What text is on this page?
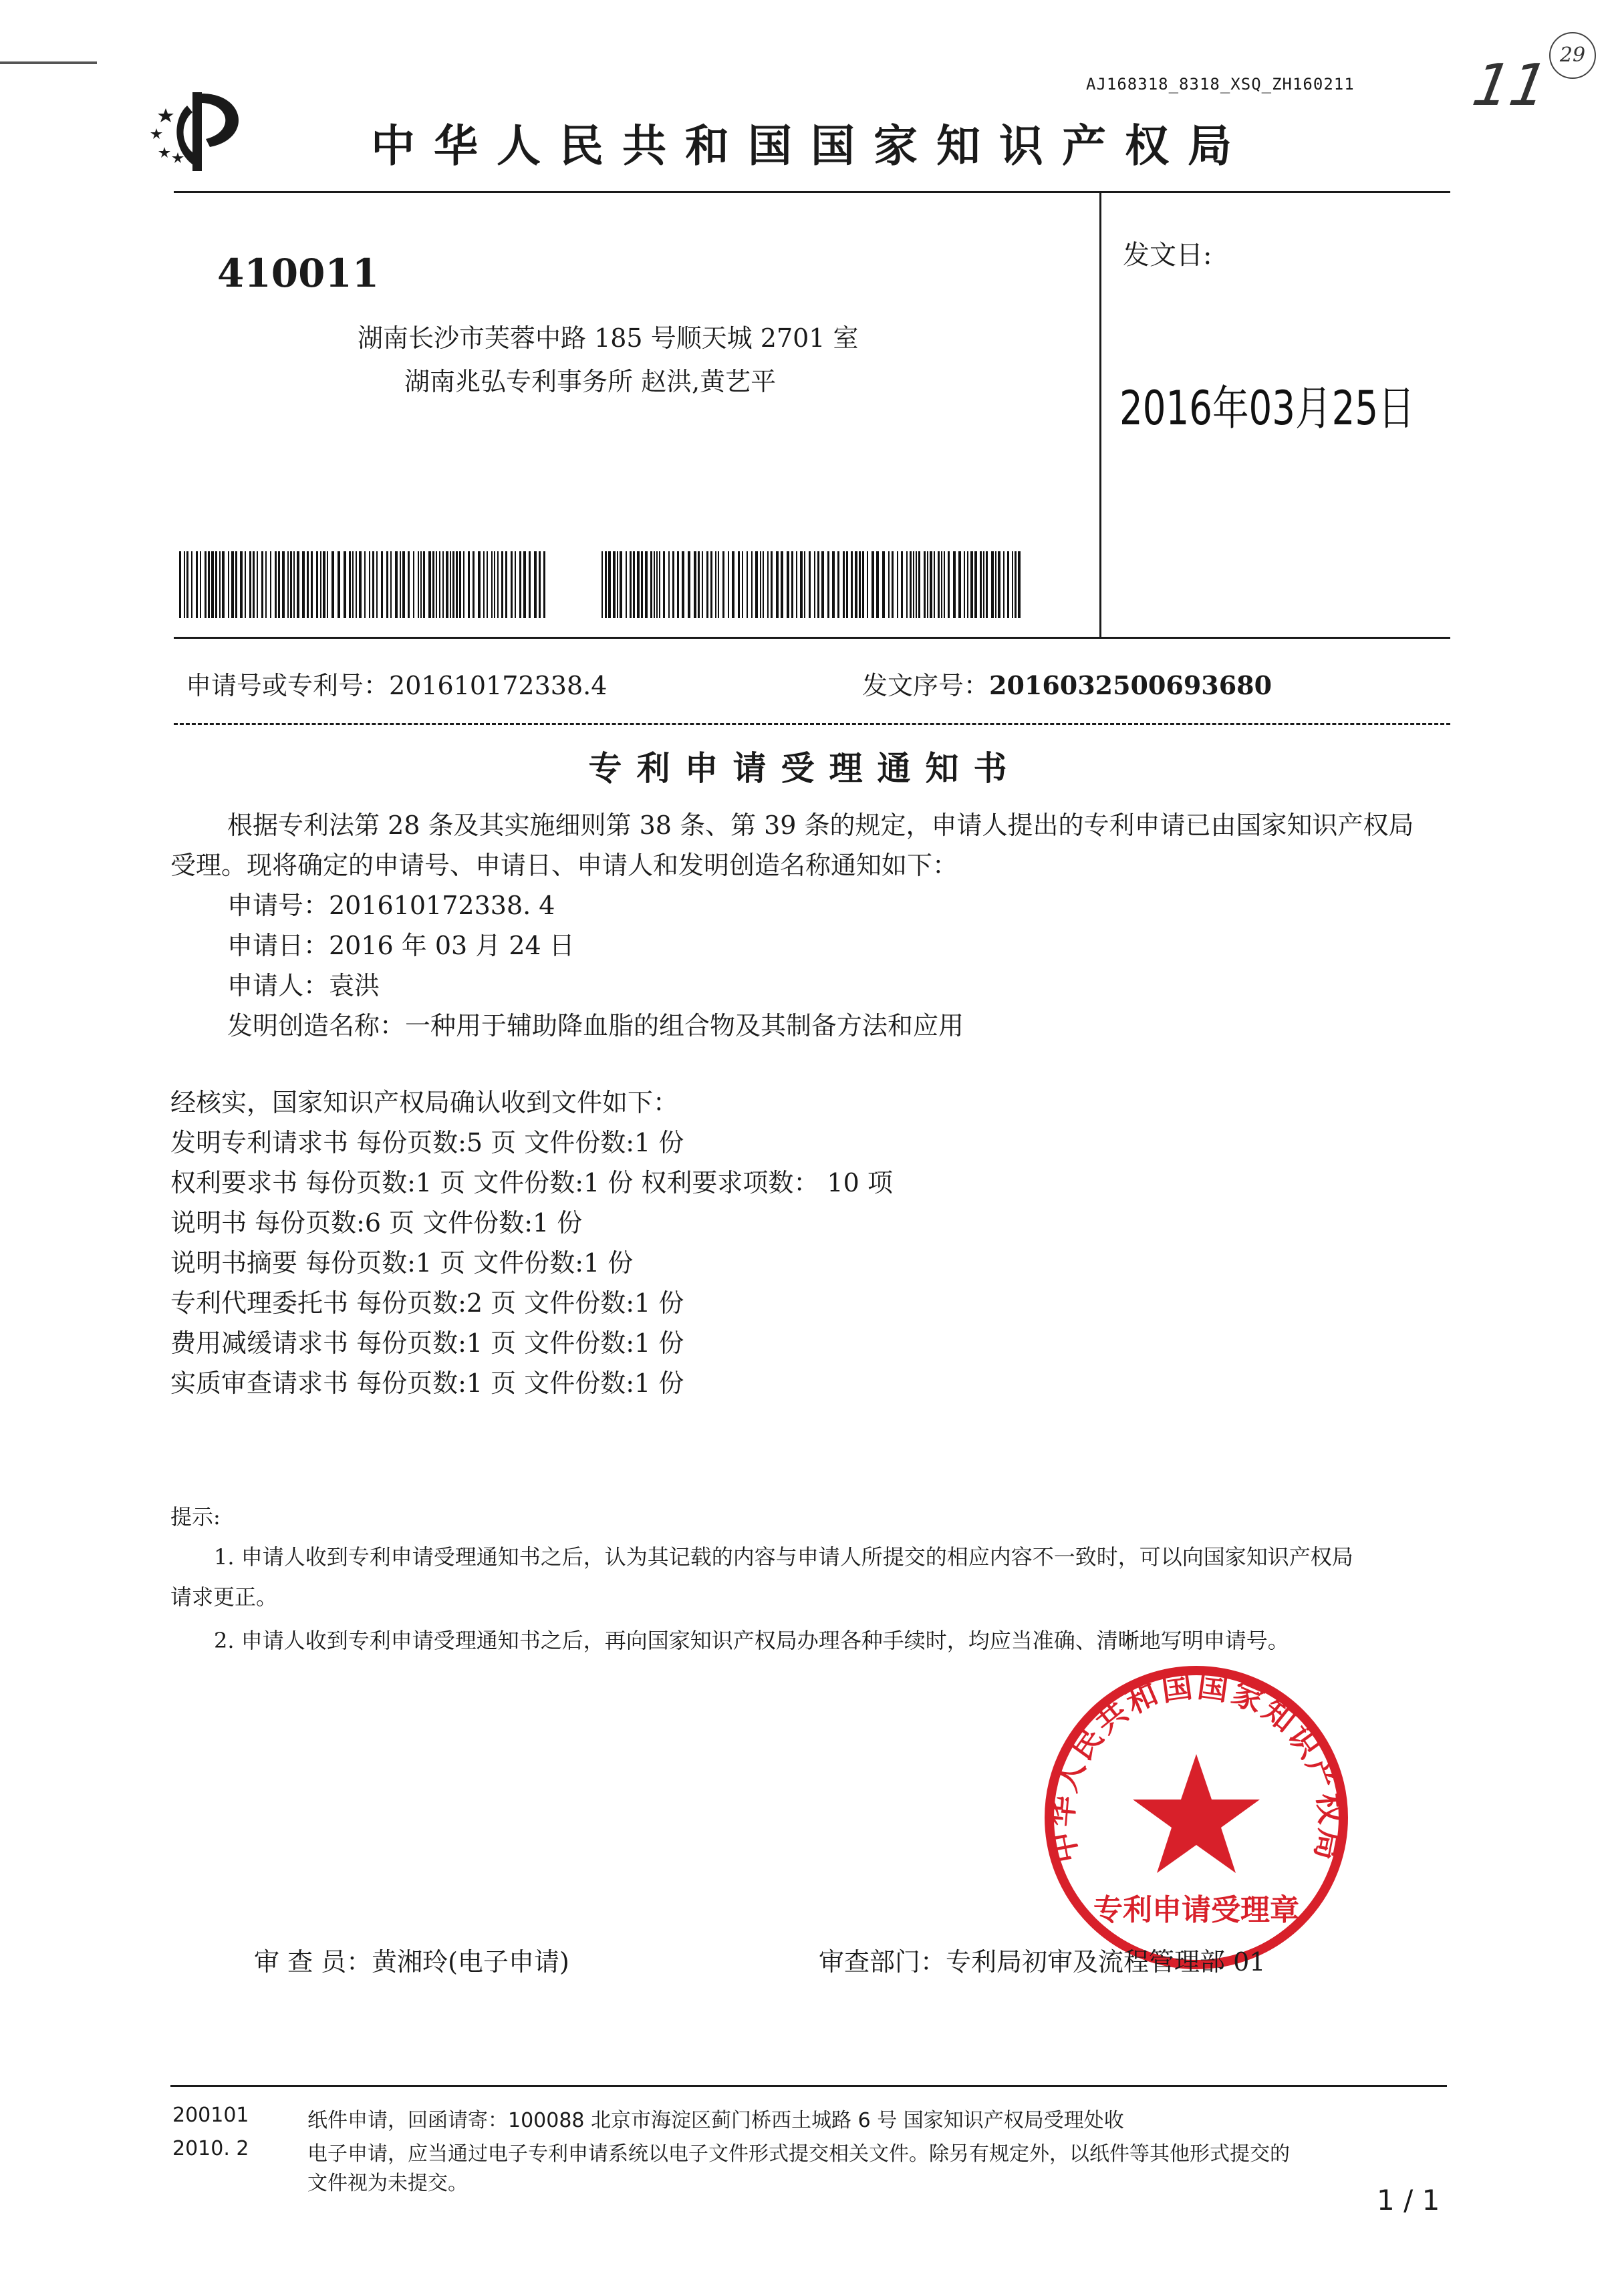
AJ168318_8318_XSQ_ZH160211 11 29
中华人民共和国国家知识产权局
410011
湖南长沙市芙蓉中路 185 号顺天城 2701 室
湖南兆弘专利事务所 赵洪,黄艺平
发文日:
2016年03月25日
申请号或专利号：201610172338.4	发文序号：2016032500693680
专利申请受理通知书
根据专利法第 28 条及其实施细则第 38 条、第 39 条的规定，申请人提出的专利申请已由国家知识产权局
受理。现将确定的申请号、申请日、申请人和发明创造名称通知如下：
申请号：201610172338. 4
申请日：2016 年 03 月 24 日
申请人：袁洪
发明创造名称：一种用于辅助降血脂的组合物及其制备方法和应用
经核实，国家知识产权局确认收到文件如下：
发明专利请求书 每份页数:5 页 文件份数:1 份
权利要求书 每份页数:1 页 文件份数:1 份 权利要求项数： 10 项
说明书 每份页数:6 页 文件份数:1 份
说明书摘要 每份页数:1 页 文件份数:1 份
专利代理委托书 每份页数:2 页 文件份数:1 份
费用减缓请求书 每份页数:1 页 文件份数:1 份
实质审查请求书 每份页数:1 页 文件份数:1 份
提示:
1. 申请人收到专利申请受理通知书之后，认为其记载的内容与申请人所提交的相应内容不一致时，可以向国家知识产权局
请求更正。
2. 申请人收到专利申请受理通知书之后，再向国家知识产权局办理各种手续时，均应当准确、清晰地写明申请号。
中华人民共和国国家知识产权局
专利申请受理章
审 查 员：黄湘玲(电子申请)	审查部门：专利局初审及流程管理部 01
200101
2010. 2
纸件申请，回函请寄：100088 北京市海淀区蓟门桥西土城路 6 号 国家知识产权局受理处收
电子申请，应当通过电子专利申请系统以电子文件形式提交相关文件。除另有规定外，以纸件等其他形式提交的
文件视为未提交。
1 / 1
